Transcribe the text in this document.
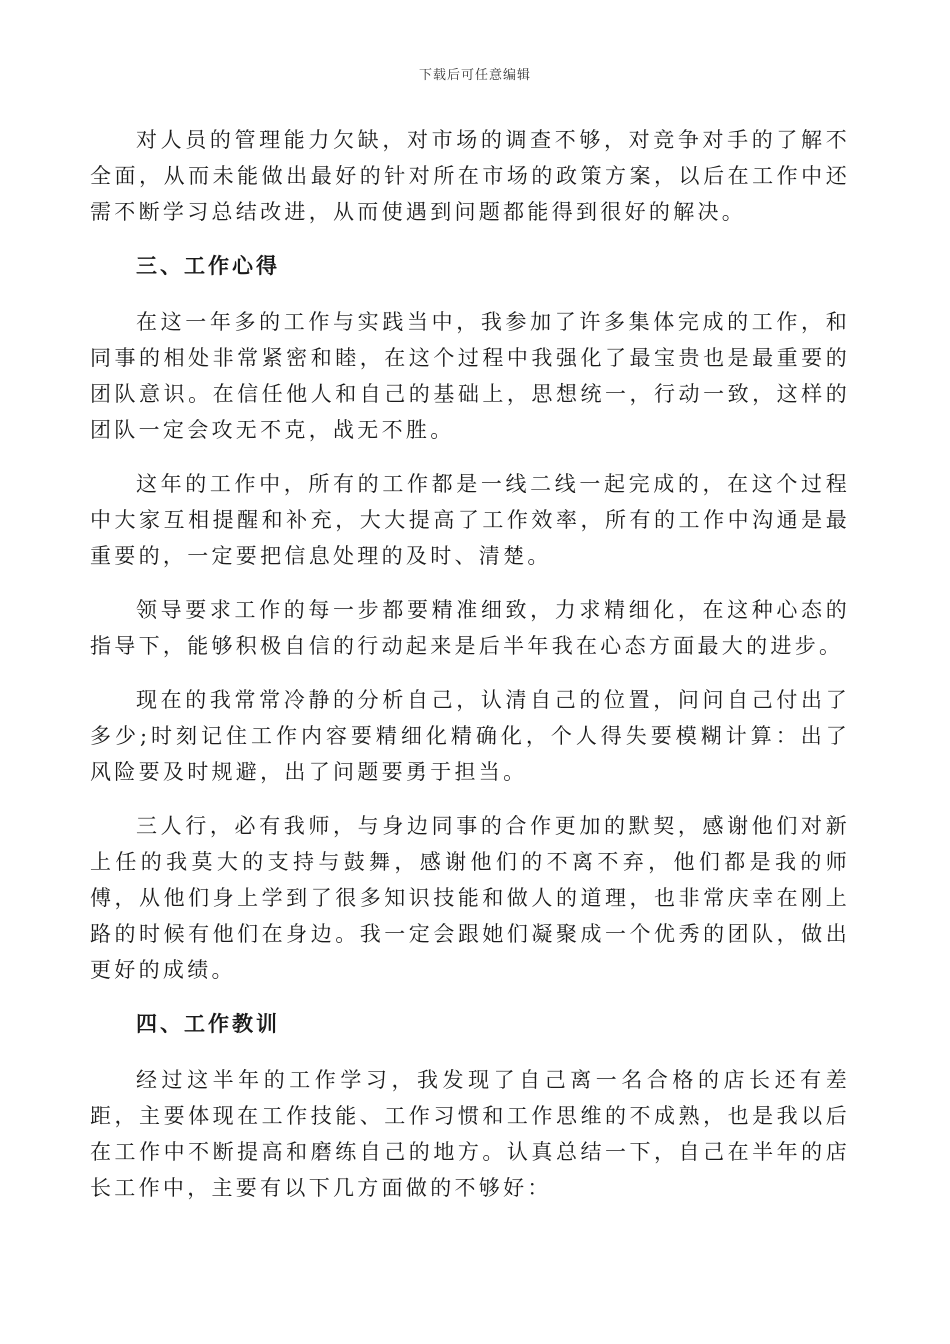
下载后可任意编辑

对人员的管理能力欠缺，对市场的调查不够，对竞争对手的了解不全面，从而未能做出最好的针对所在市场的政策方案，以后在工作中还需不断学习总结改进，从而使遇到问题都能得到很好的解决。

三、工作心得

在这一年多的工作与实践当中，我参加了许多集体完成的工作，和同事的相处非常紧密和睦，在这个过程中我强化了最宝贵也是最重要的团队意识。在信任他人和自己的基础上，思想统一，行动一致，这样的团队一定会攻无不克，战无不胜。

这年的工作中，所有的工作都是一线二线一起完成的，在这个过程中大家互相提醒和补充，大大提高了工作效率，所有的工作中沟通是最重要的，一定要把信息处理的及时、清楚。

领导要求工作的每一步都要精准细致，力求精细化，在这种心态的指导下，能够积极自信的行动起来是后半年我在心态方面最大的进步。

现在的我常常冷静的分析自己，认清自己的位置，问问自己付出了多少;时刻记住工作内容要精细化精确化，个人得失要模糊计算：出了风险要及时规避，出了问题要勇于担当。

三人行，必有我师，与身边同事的合作更加的默契，感谢他们对新上任的我莫大的支持与鼓舞，感谢他们的不离不弃，他们都是我的师傅，从他们身上学到了很多知识技能和做人的道理，也非常庆幸在刚上路的时候有他们在身边。我一定会跟她们凝聚成一个优秀的团队，做出更好的成绩。

四、工作教训

经过这半年的工作学习，我发现了自己离一名合格的店长还有差距，主要体现在工作技能、工作习惯和工作思维的不成熟，也是我以后在工作中不断提高和磨练自己的地方。认真总结一下，自己在半年的店长工作中，主要有以下几方面做的不够好：
